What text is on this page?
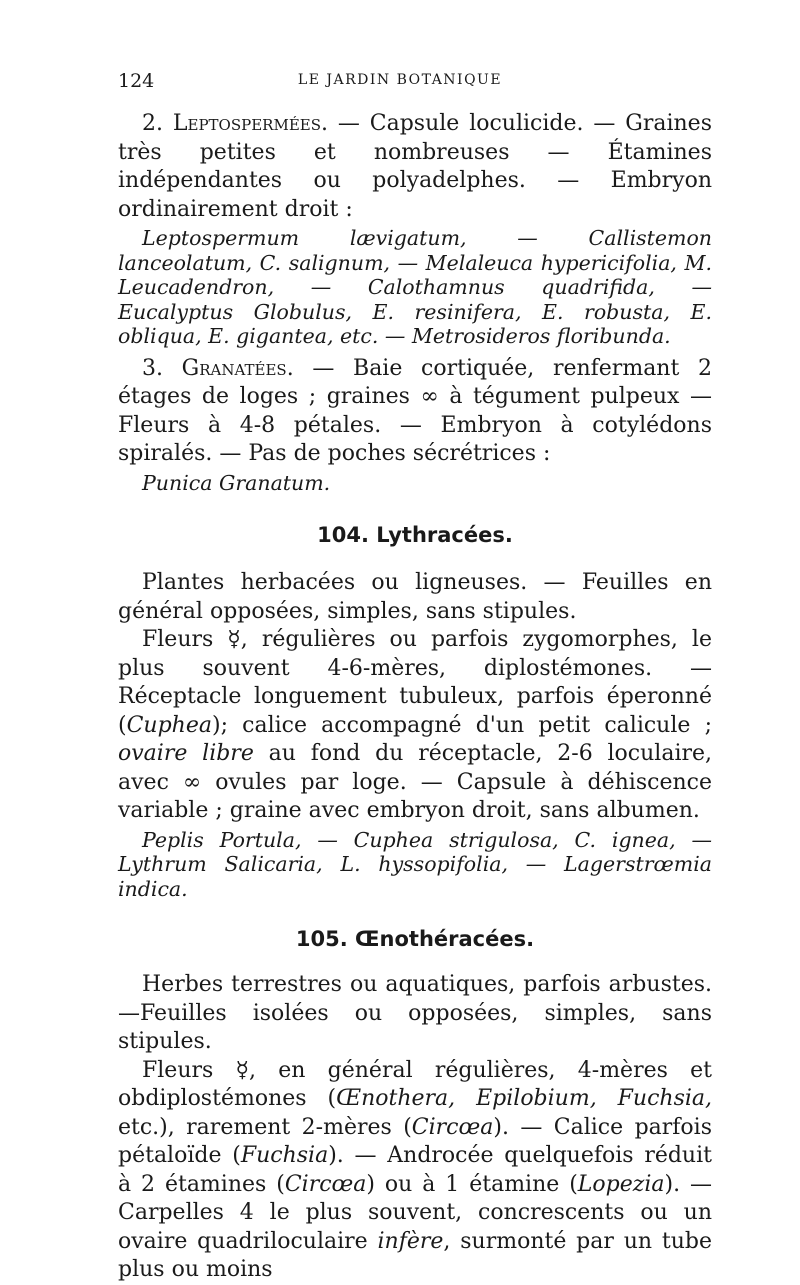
124	LE JARDIN BOTANIQUE

2. Leptospermées. — Capsule loculicide. — Graines très petites et nombreuses — Étamines indépendantes ou polyadelphes. — Embryon ordinairement droit :

Leptospermum lævigatum, — Callistemon lanceolatum, C. salignum, — Melaleuca hypericifolia, M. Leucadendron, — Calothamnus quadrifida, — Eucalyptus Globulus, E. resinifera, E. robusta, E. obliqua, E. gigantea, etc. — Metrosideros floribunda.

3. Granatées. — Baie cortiquée, renfermant 2 étages de loges ; graines ∞ à tégument pulpeux — Fleurs à 4-8 pétales. — Embryon à cotylédons spiralés. — Pas de poches sécrétrices :

Punica Granatum.

104. Lythracées.

Plantes herbacées ou ligneuses. — Feuilles en général opposées, simples, sans stipules.

Fleurs ☿, régulières ou parfois zygomorphes, le plus souvent 4-6-mères, diplostémones. — Réceptacle longuement tubuleux, parfois éperonné (Cuphea); calice accompagné d'un petit calicule ; ovaire libre au fond du réceptacle, 2-6 loculaire, avec ∞ ovules par loge. — Capsule à déhiscence variable ; graine avec embryon droit, sans albumen.

Peplis Portula, — Cuphea strigulosa, C. ignea, — Lythrum Salicaria, L. hyssopifolia, — Lagerstrœmia indica.

105. Œnothéracées.

Herbes terrestres ou aquatiques, parfois arbustes. —Feuilles isolées ou opposées, simples, sans stipules.

Fleurs ☿, en général régulières, 4-mères et obdiplostémones (Œnothera, Epilobium, Fuchsia, etc.), rarement 2-mères (Circœa). — Calice parfois pétaloïde (Fuchsia). — Androcée quelquefois réduit à 2 étamines (Circœa) ou à 1 étamine (Lopezia). — Carpelles 4 le plus souvent, concrescents ou un ovaire quadriloculaire infère, surmonté par un tube plus ou moins
